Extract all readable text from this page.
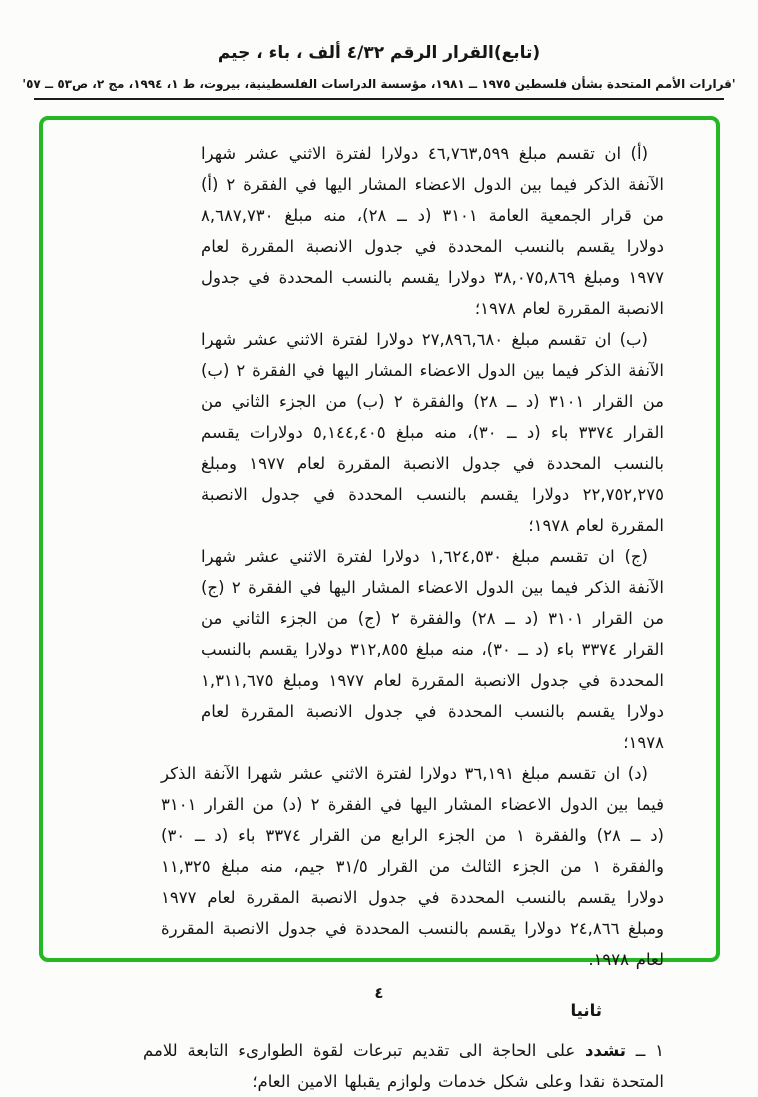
(تابع)القرار الرقم ٤/٣٢ ألف ، باء ، جيم
'قرارات الأمم المتحدة بشأن فلسطين ١٩٧٥ ــ ١٩٨١، مؤسسة الدراسات الفلسطينية، بيروت، ط ١، ١٩٩٤، مج ٢، ص٥٣ ــ ٥٧'

(أ) ان تقسم مبلغ ٤٦,٧٦٣,٥٩٩ دولارا لفترة الاثني عشر شهرا الآنفة الذكر فيما بين الدول الاعضاء المشار اليها في الفقرة ٢ (أ) من قرار الجمعية العامة ٣١٠١ (د ــ ٢٨)، منه مبلغ ٨,٦٨٧,٧٣٠ دولارا يقسم بالنسب المحددة في جدول الانصبة المقررة لعام ١٩٧٧ ومبلغ ٣٨,٠٧٥,٨٦٩ دولارا يقسم بالنسب المحددة في جدول الانصبة المقررة لعام ١٩٧٨؛

(ب) ان تقسم مبلغ ٢٧,٨٩٦,٦٨٠ دولارا لفترة الاثني عشر شهرا الآنفة الذكر فيما بين الدول الاعضاء المشار اليها في الفقرة ٢ (ب) من القرار ٣١٠١ (د ــ ٢٨) والفقرة ٢ (ب) من الجزء الثاني من القرار ٣٣٧٤ باء (د ــ ٣٠)، منه مبلغ ٥,١٤٤,٤٠٥ دولارات يقسم بالنسب المحددة في جدول الانصبة المقررة لعام ١٩٧٧ ومبلغ ٢٢,٧٥٢,٢٧٥ دولارا يقسم بالنسب المحددة في جدول الانصبة المقررة لعام ١٩٧٨؛

(ج) ان تقسم مبلغ ١,٦٢٤,٥٣٠ دولارا لفترة الاثني عشر شهرا الآنفة الذكر فيما بين الدول الاعضاء المشار اليها في الفقرة ٢ (ج) من القرار ٣١٠١ (د ــ ٢٨) والفقرة ٢ (ج) من الجزء الثاني من القرار ٣٣٧٤ باء (د ــ ٣٠)، منه مبلغ ٣١٢,٨٥٥ دولارا يقسم بالنسب المحددة في جدول الانصبة المقررة لعام ١٩٧٧ ومبلغ ١,٣١١,٦٧٥ دولارا يقسم بالنسب المحددة في جدول الانصبة المقررة لعام ١٩٧٨؛

(د) ان تقسم مبلغ ٣٦,١٩١ دولارا لفترة الاثني عشر شهرا الآنفة الذكر فيما بين الدول الاعضاء المشار اليها في الفقرة ٢ (د) من القرار ٣١٠١ (د ــ ٢٨) والفقرة ١ من الجزء الرابع من القرار ٣٣٧٤ باء (د ــ ٣٠) والفقرة ١ من الجزء الثالث من القرار ٣١/٥ جيم، منه مبلغ ١١,٣٢٥ دولارا يقسم بالنسب المحددة في جدول الانصبة المقررة لعام ١٩٧٧ ومبلغ ٢٤,٨٦٦ دولارا يقسم بالنسب المحددة في جدول الانصبة المقررة لعام ١٩٧٨.

ثانيا

١ ــ تشدد على الحاجة الى تقديم تبرعات لقوة الطوارىء التابعة للامم المتحدة نقدا وعلى شكل خدمات ولوازم يقبلها الامين العام؛

٤
